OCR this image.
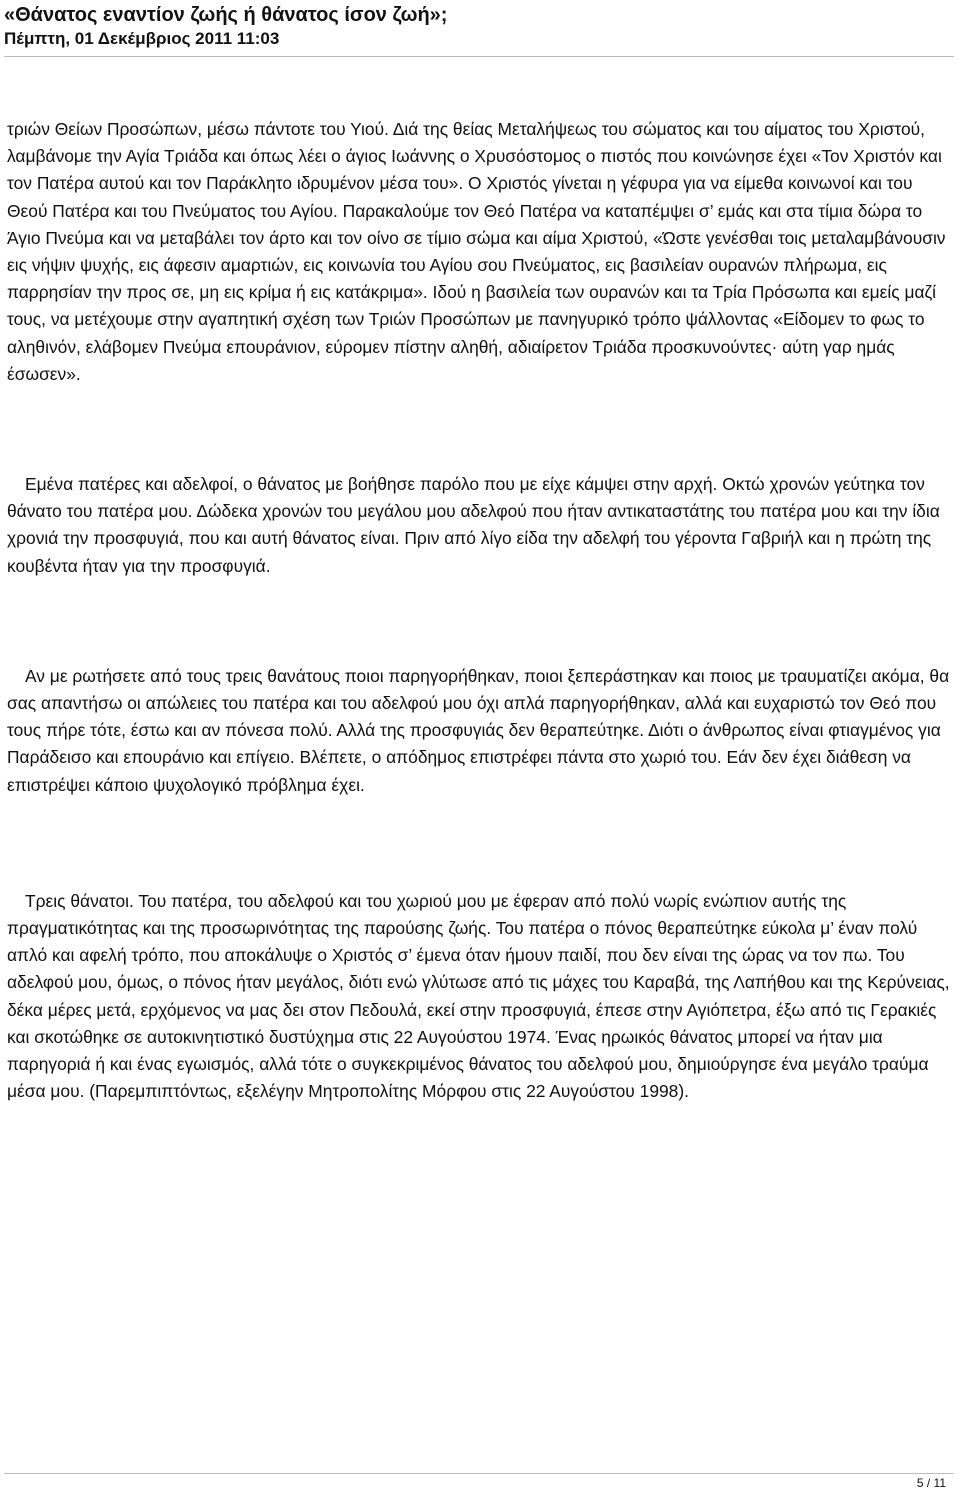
«Θάνατος εναντίον ζωής ή θάνατος ίσον ζωή»;
Πέμπτη, 01 Δεκέμβριος 2011 11:03

τριών Θείων Προσώπων, μέσω πάντοτε του Υιού. Διά της θείας Μεταλήψεως του σώματος και του αίματος του Χριστού, λαμβάνομε την Αγία Τριάδα και όπως λέει ο άγιος Ιωάννης ο Χρυσόστομος ο πιστός που κοινώνησε έχει «Τον Χριστόν και τον Πατέρα αυτού και τον Παράκλητο ιδρυμένον μέσα του». Ο Χριστός γίνεται η γέφυρα για να είμεθα κοινωνοί και του Θεού Πατέρα και του Πνεύματος του Αγίου. Παρακαλούμε τον Θεό Πατέρα να καταπέμψει σ’ εμάς και στα τίμια δώρα το Άγιο Πνεύμα και να μεταβάλει τον άρτο και τον οίνο σε τίμιο σώμα και αίμα Χριστού, «Ώστε γενέσθαι τοις μεταλαμβάνουσιν εις νήψιν ψυχής, εις άφεσιν αμαρτιών, εις κοινωνία του Αγίου σου Πνεύματος, εις βασιλείαν ουρανών πλήρωμα, εις παρρησίαν την προς σε, μη εις κρίμα ή εις κατάκριμα». Ιδού η βασιλεία των ουρανών και τα Τρία Πρόσωπα και εμείς μαζί τους, να μετέχουμε στην αγαπητική σχέση των Τριών Προσώπων με πανηγυρικό τρόπο ψάλλοντας «Είδομεν το φως το αληθινόν, ελάβομεν Πνεύμα επουράνιον, εύρομεν πίστην αληθή, αδιαίρετον Τριάδα προσκυνούντες· αύτη γαρ ημάς έσωσεν».

Εμένα πατέρες και αδελφοί, ο θάνατος με βοήθησε παρόλο που με είχε κάμψει στην αρχή. Οκτώ χρονών γεύτηκα τον θάνατο του πατέρα μου. Δώδεκα χρονών του μεγάλου μου αδελφού που ήταν αντικαταστάτης του πατέρα μου και την ίδια χρονιά την προσφυγιά, που και αυτή θάνατος είναι. Πριν από λίγο είδα την αδελφή του γέροντα Γαβριήλ και η πρώτη της κουβέντα ήταν για την προσφυγιά.

Αν με ρωτήσετε από τους τρεις θανάτους ποιοι παρηγορήθηκαν, ποιοι ξεπεράστηκαν και ποιος με τραυματίζει ακόμα, θα σας απαντήσω οι απώλειες του πατέρα και του αδελφού μου όχι απλά παρηγορήθηκαν, αλλά και ευχαριστώ τον Θεό που τους πήρε τότε, έστω και αν πόνεσα πολύ. Αλλά της προσφυγιάς δεν θεραπεύτηκε. Διότι ο άνθρωπος είναι φτιαγμένος για Παράδεισο και επουράνιο και επίγειο. Βλέπετε, ο απόδημος επιστρέφει πάντα στο χωριό του. Εάν δεν έχει διάθεση να επιστρέψει κάποιο ψυχολογικό πρόβλημα έχει.

Τρεις θάνατοι. Του πατέρα, του αδελφού και του χωριού μου με έφεραν από πολύ νωρίς ενώπιον αυτής της πραγματικότητας και της προσωρινότητας της παρούσης ζωής. Του πατέρα ο πόνος θεραπεύτηκε εύκολα μ’ έναν πολύ απλό και αφελή τρόπο, που αποκάλυψε ο Χριστός σ’ έμενα όταν ήμουν παιδί, που δεν είναι της ώρας να τον πω. Του αδελφού μου, όμως, ο πόνος ήταν μεγάλος, διότι ενώ γλύτωσε από τις μάχες του Καραβά, της Λαπήθου και της Κερύνειας, δέκα μέρες μετά, ερχόμενος να μας δει στον Πεδουλά, εκεί στην προσφυγιά, έπεσε στην Αγιόπετρα, έξω από τις Γερακιές και σκοτώθηκε σε αυτοκινητιστικό δυστύχημα στις 22 Αυγούστου 1974. Ένας ηρωικός θάνατος μπορεί να ήταν μια παρηγοριά ή και ένας εγωισμός, αλλά τότε ο συγκεκριμένος θάνατος του αδελφού μου, δημιούργησε ένα μεγάλο τραύμα μέσα μου. (Παρεμπιπτόντως, εξελέγην Μητροπολίτης Μόρφου στις 22 Αυγούστου 1998).

5 / 11
